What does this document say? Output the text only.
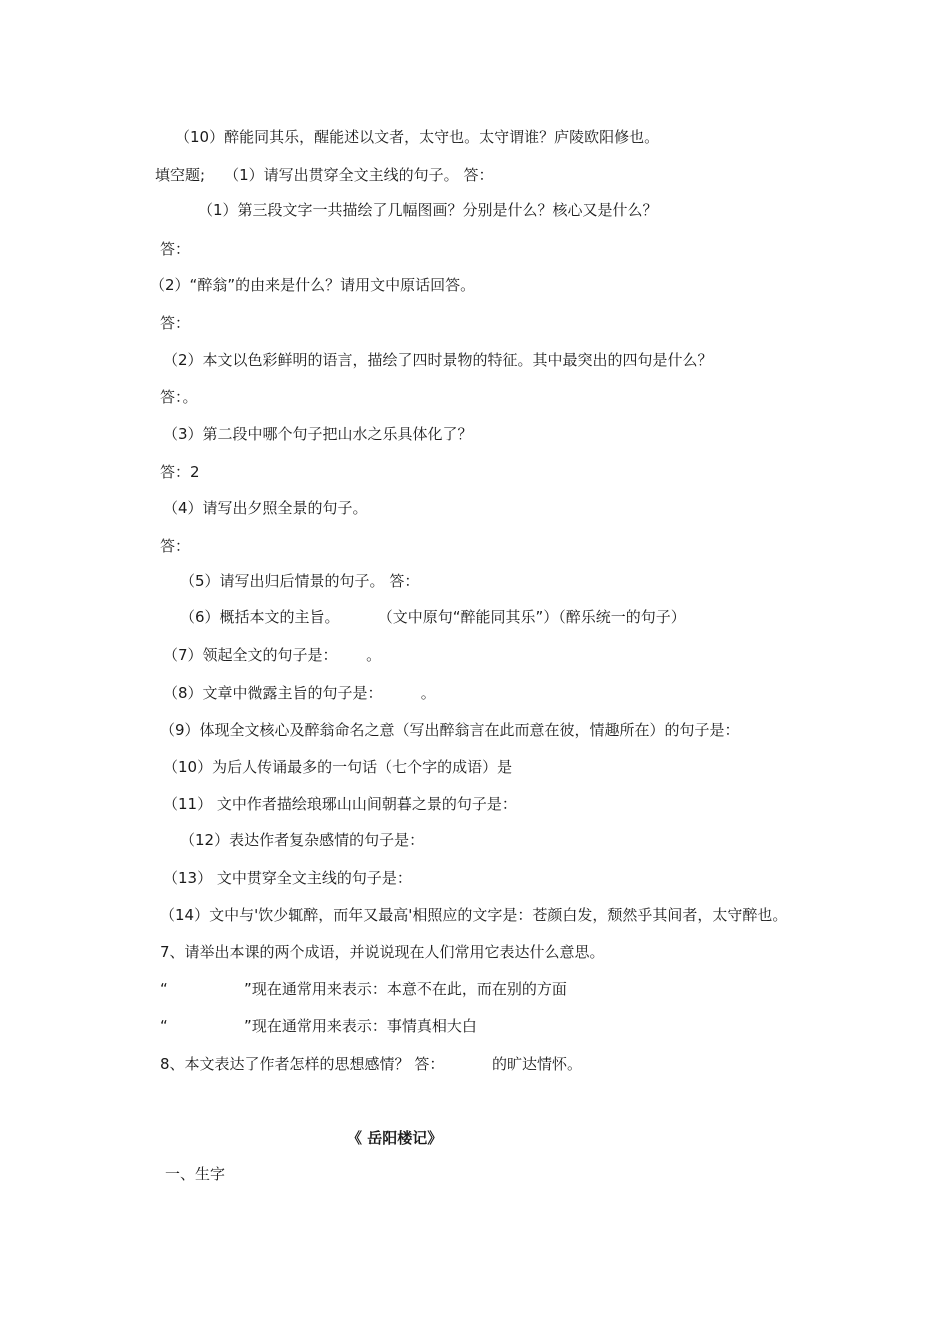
（10）醉能同其乐，醒能述以文者，太守也。太守谓谁？庐陵欧阳修也。
填空题;    （1）请写出贯穿全文主线的句子。 答：
（1）第三段文字一共描绘了几幅图画？分别是什么？核心又是什么？
答：
（2）“醉翁”的由来是什么？请用文中原话回答。
答：
（2）本文以色彩鲜明的语言，描绘了四时景物的特征。其中最突出的四句是什么？
答：。
（3）第二段中哪个句子把山水之乐具体化了？
答：2
（4）请写出夕照全景的句子。
答：
（5）请写出归后情景的句子。 答：
（6）概括本文的主旨。        （文中原句“醉能同其乐”）（醉乐统一的句子）
（7）领起全文的句子是：      。
（8）文章中微露主旨的句子是：        。
（9）体现全文核心及醉翁命名之意（写出醉翁言在此而意在彼，情趣所在）的句子是：
（10）为后人传诵最多的一句话（七个字的成语）是
（11） 文中作者描绘琅琊山山间朝暮之景的句子是：
（12）表达作者复杂感情的句子是：
（13） 文中贯穿全文主线的句子是：
（14）文中与'饮少辄醉，而年又最高'相照应的文字是：苍颜白发，颓然乎其间者，太守醉也。
7、请举出本课的两个成语，并说说现在人们常用它表达什么意思。
“                ”现在通常用来表示：本意不在此，而在别的方面
“                ”现在通常用来表示：事情真相大白
8、本文表达了作者怎样的思想感情？ 答：          的旷达情怀。
《 岳阳楼记》
一、生字
